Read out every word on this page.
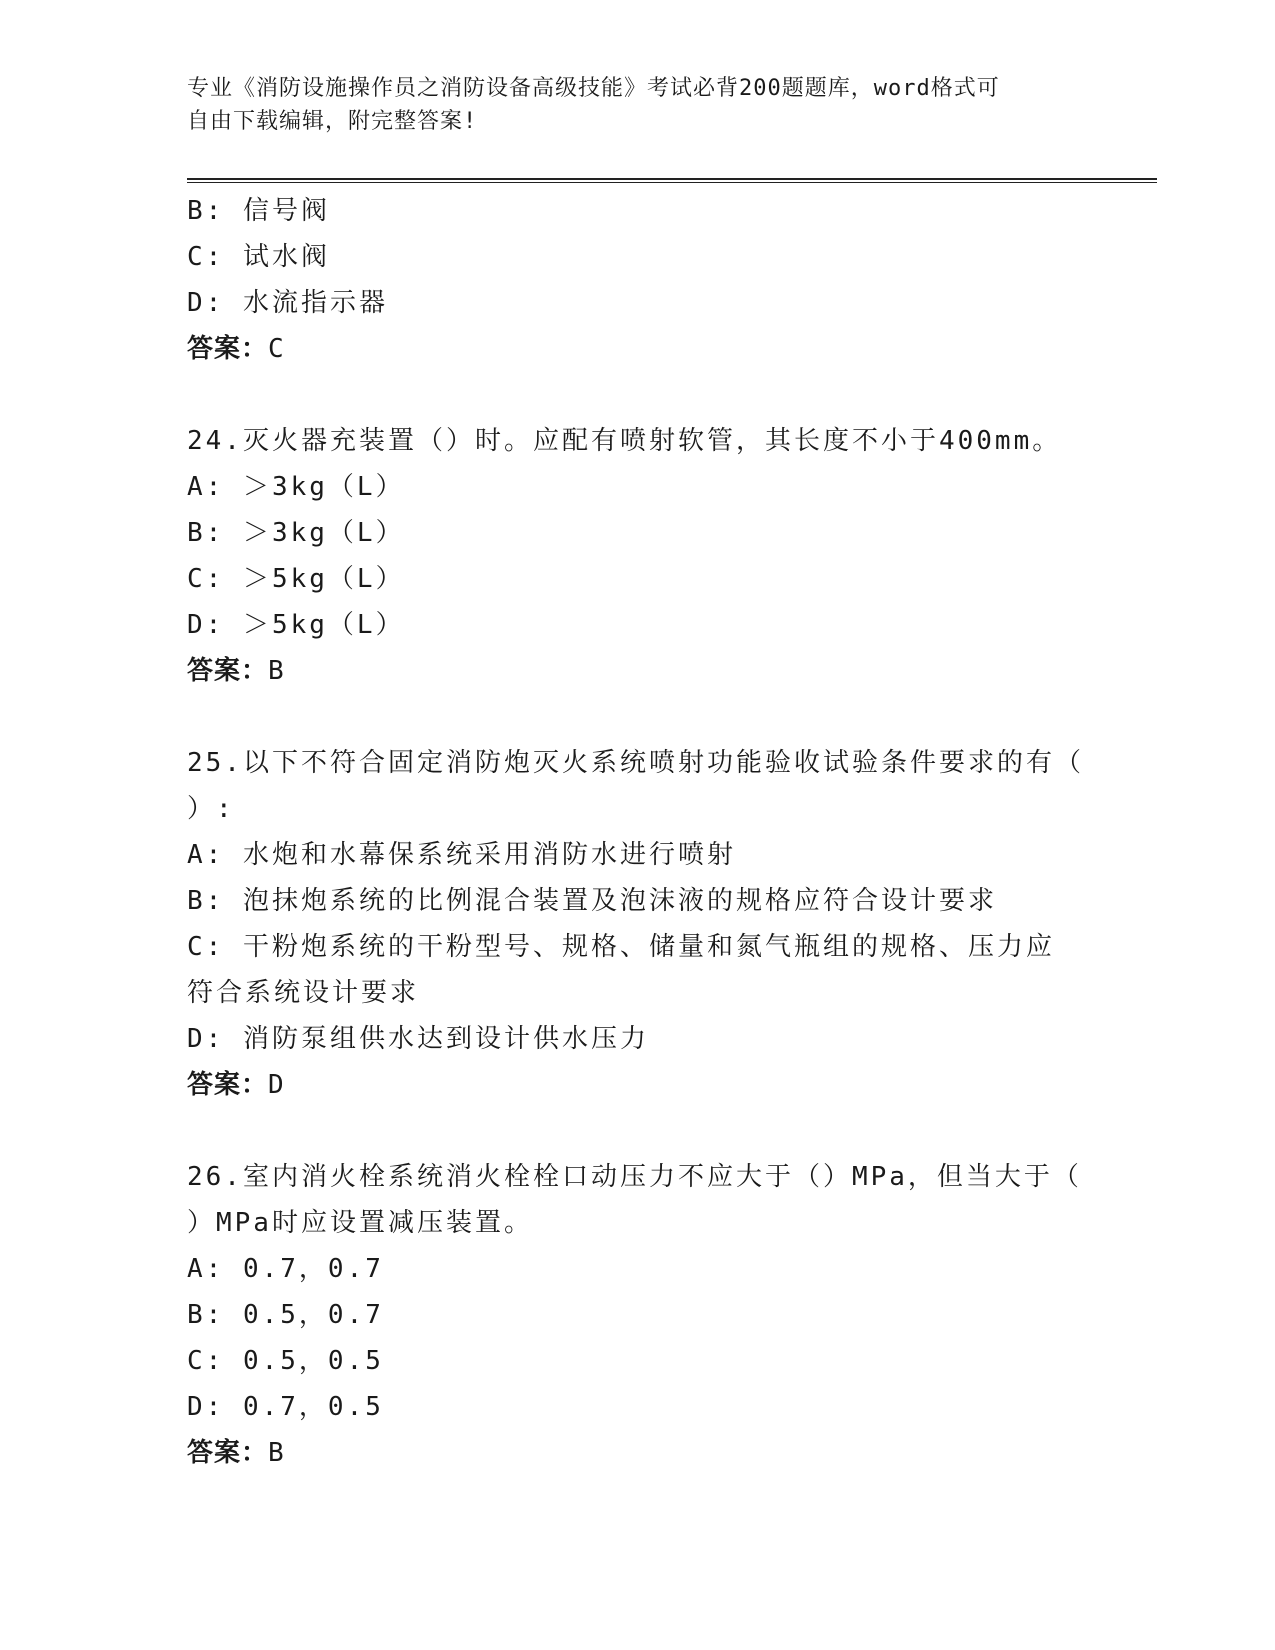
专业《消防设施操作员之消防设备高级技能》考试必背200题题库，word格式可
自由下载编辑，附完整答案!
B: 信号阀
C: 试水阀
D: 水流指示器
答案：C
24.灭火器充装置（）时。应配有喷射软管，其长度不小于400mm。
A: ＞3kg（L）
B: ＞3kg（L）
C: ＞5kg（L）
D: ＞5kg（L）
答案：B
25.以下不符合固定消防炮灭火系统喷射功能验收试验条件要求的有（
）:
A: 水炮和水幕保系统采用消防水进行喷射
B: 泡抹炮系统的比例混合装置及泡沫液的规格应符合设计要求
C: 干粉炮系统的干粉型号、规格、储量和氮气瓶组的规格、压力应符合系统设计要求
D: 消防泵组供水达到设计供水压力
答案：D
26.室内消火栓系统消火栓栓口动压力不应大于（）MPa，但当大于（
）MPa时应设置减压装置。
A: 0.7，0.7
B: 0.5，0.7
C: 0.5，0.5
D: 0.7，0.5
答案：B
